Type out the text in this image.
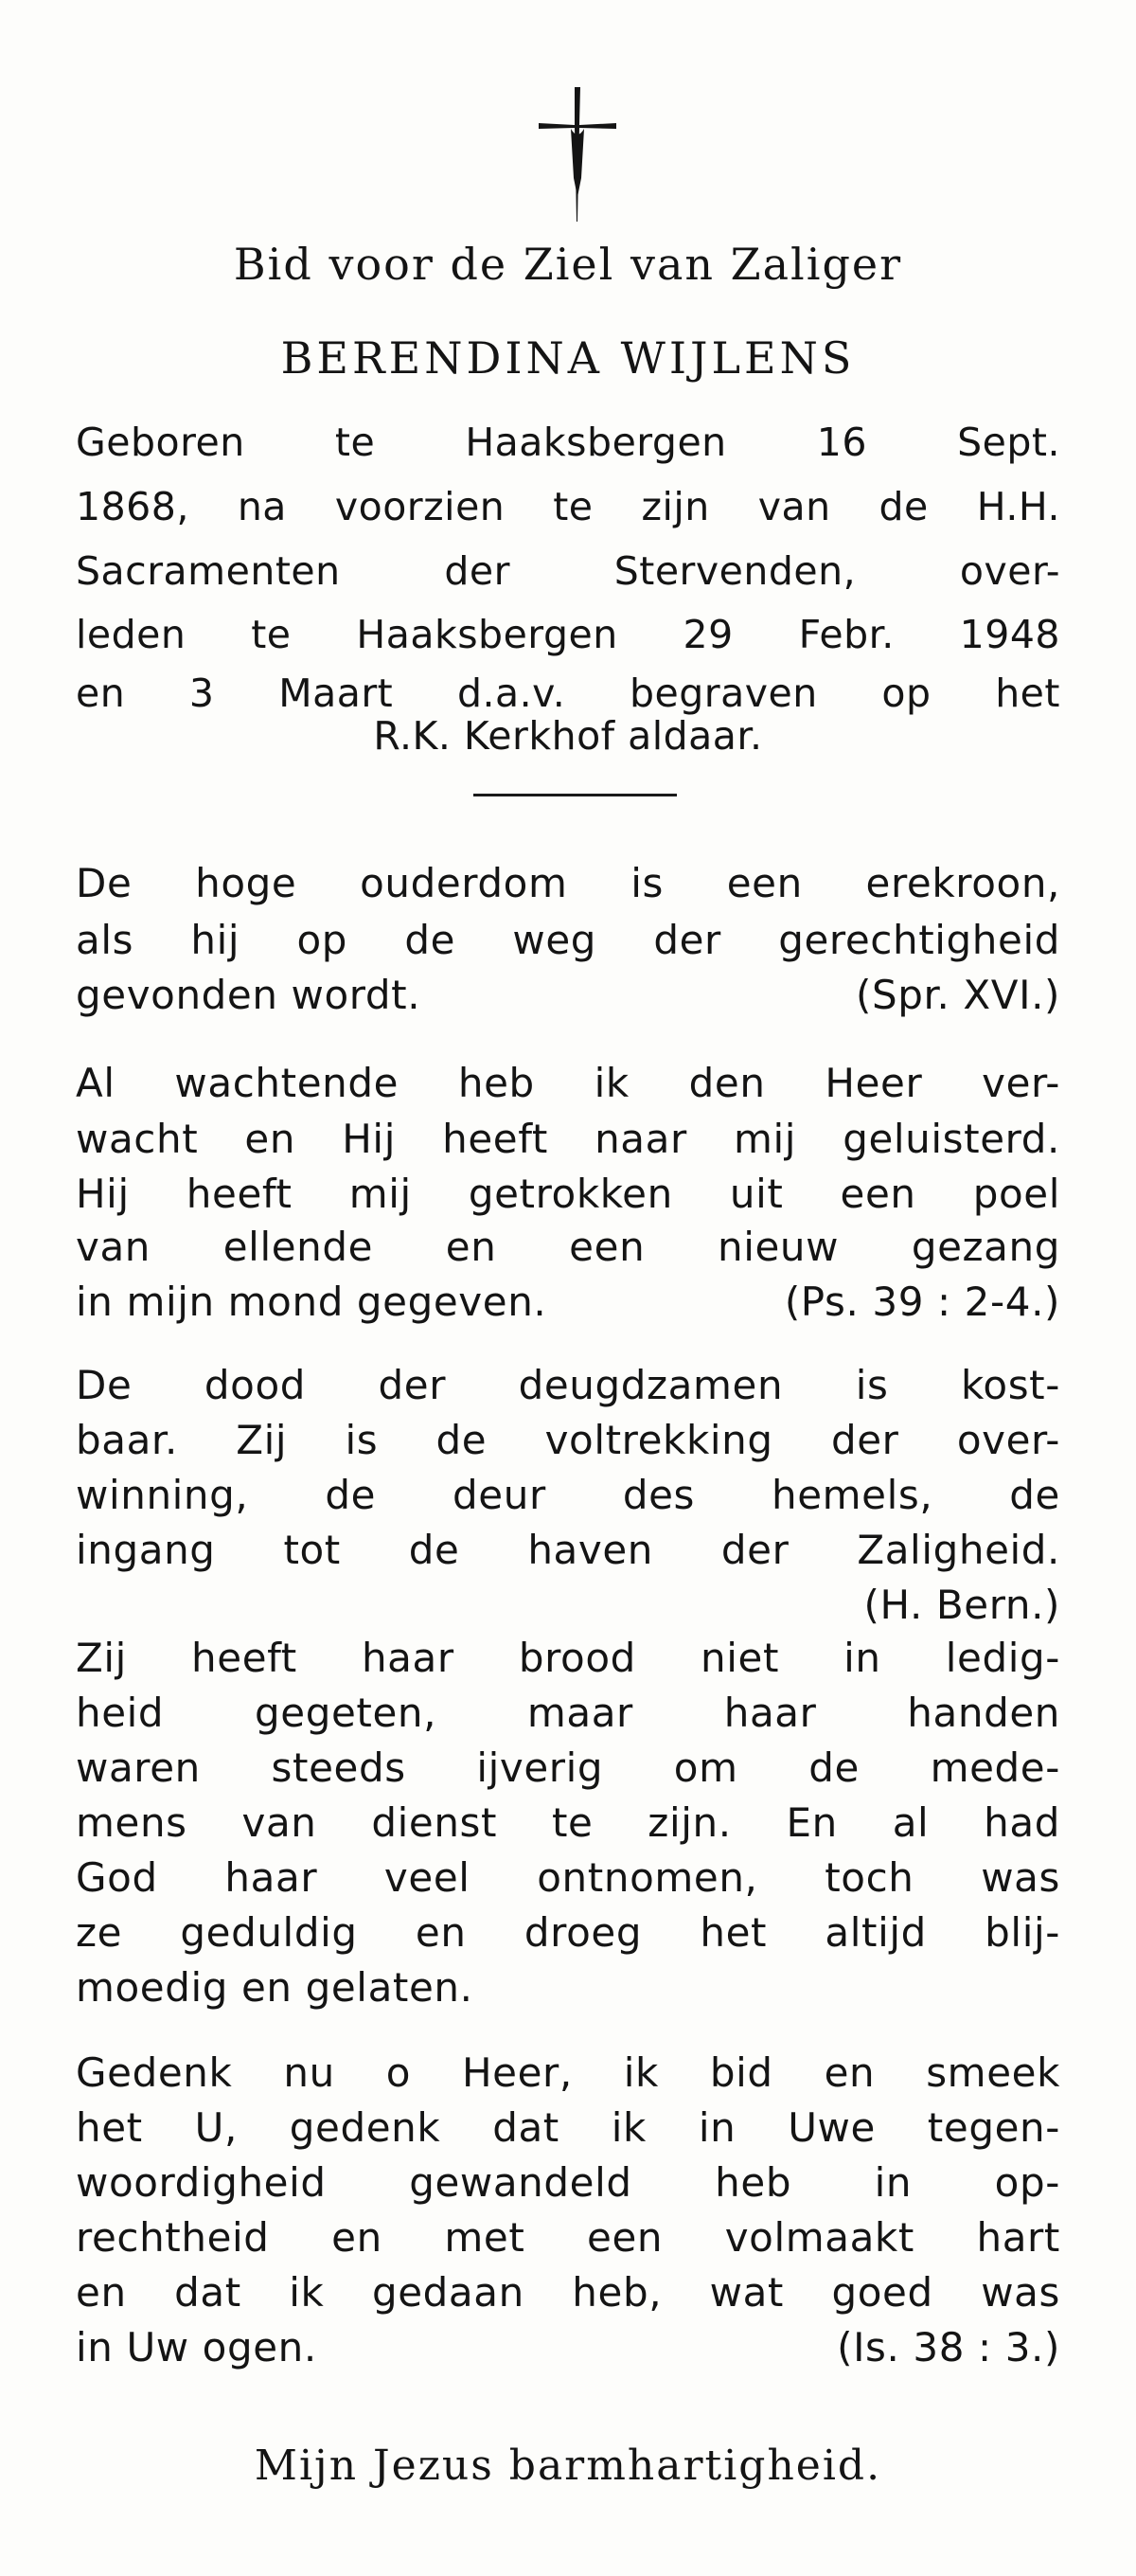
Bid voor de Ziel van Zaliger
BERENDINA WIJLENS
Geboren te Haaksbergen 16 Sept.
1868, na voorzien te zijn van de H.H.
Sacramenten der Stervenden, over-
leden te Haaksbergen 29 Febr. 1948
en 3 Maart d.a.v. begraven op het
R.K. Kerkhof aldaar.
De hoge ouderdom is een erekroon,
als hij op de weg der gerechtigheid
gevonden wordt.	(Spr. XVI.)
Al wachtende heb ik den Heer ver-
wacht en Hij heeft naar mij geluisterd.
Hij heeft mij getrokken uit een poel
van ellende en een nieuw gezang
in mijn mond gegeven.	(Ps. 39 : 2-4.)
De dood der deugdzamen is kost-
baar. Zij is de voltrekking der over-
winning, de deur des hemels, de
ingang tot de haven der Zaligheid.
(H. Bern.)
Zij heeft haar brood niet in ledig-
heid gegeten, maar haar handen
waren steeds ijverig om de mede-
mens van dienst te zijn. En al had
God haar veel ontnomen, toch was
ze geduldig en droeg het altijd blij-
moedig en gelaten.
Gedenk nu o Heer, ik bid en smeek
het U, gedenk dat ik in Uwe tegen-
woordigheid gewandeld heb in op-
rechtheid en met een volmaakt hart
en dat ik gedaan heb, wat goed was
in Uw ogen.	(Is. 38 : 3.)
Mijn Jezus barmhartigheid.
